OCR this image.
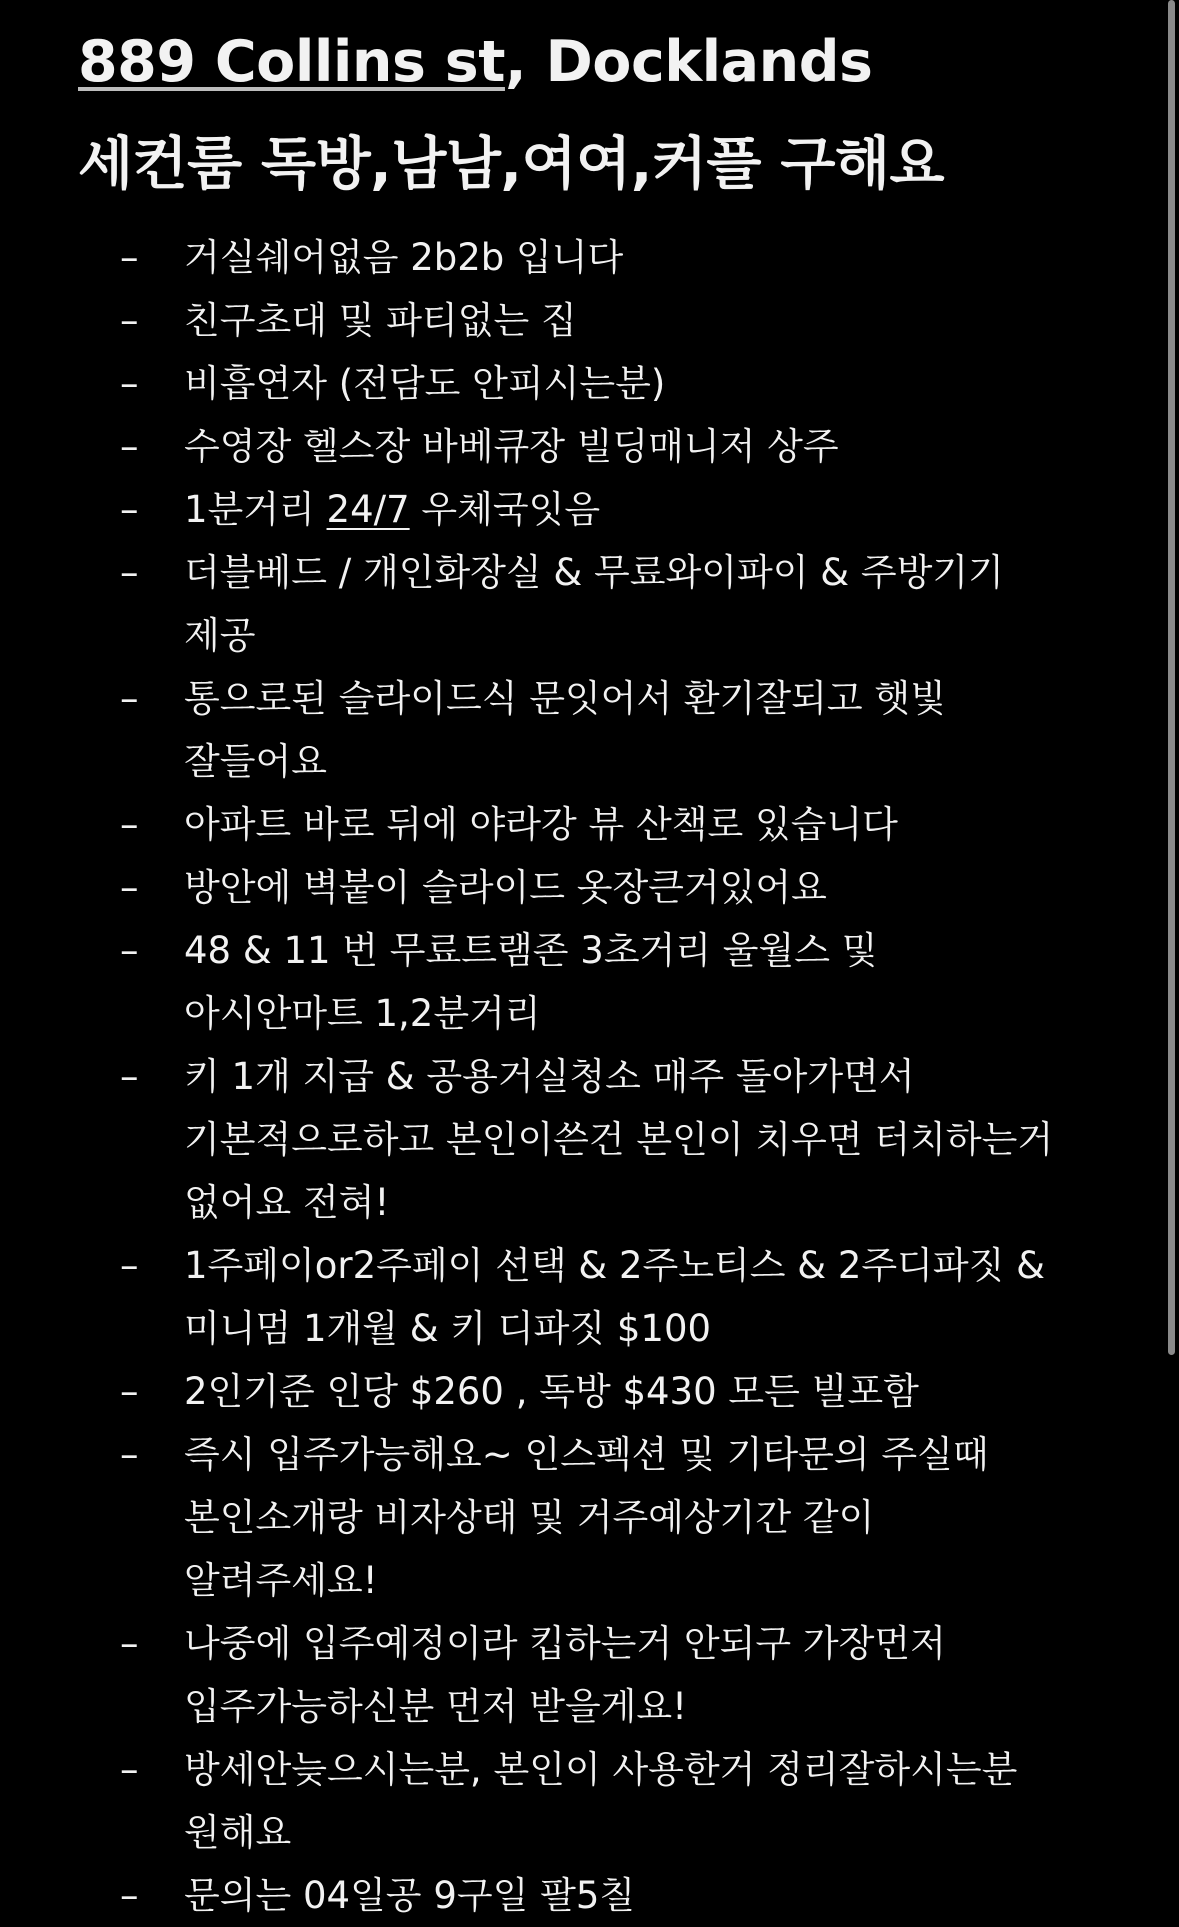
889 Collins st, Docklands
세컨룸 독방,남남,여여,커플 구해요
– 거실쉐어없음 2b2b 입니다
– 친구초대 및 파티없는 집
– 비흡연자 (전담도 안피시는분)
– 수영장 헬스장 바베큐장 빌딩매니저 상주
– 1분거리 24/7 우체국잇음
– 더블베드 / 개인화장실 & 무료와이파이 & 주방기기 제공
– 통으로된 슬라이드식 문잇어서 환기잘되고 햇빛 잘들어요
– 아파트 바로 뒤에 야라강 뷰 산책로 있습니다
– 방안에 벽붙이 슬라이드 옷장큰거있어요
– 48 & 11 번 무료트램존 3초거리 울월스 및 아시안마트 1,2분거리
– 키 1개 지급 & 공용거실청소 매주 돌아가면서 기본적으로하고 본인이쓴건 본인이 치우면 터치하는거 없어요 전혀!
– 1주페이or2주페이 선택 & 2주노티스 & 2주디파짓 & 미니멈 1개월 & 키 디파짓 $100
– 2인기준 인당 $260 , 독방 $430 모든 빌포함
– 즉시 입주가능해요~ 인스펙션 및 기타문의 주실때 본인소개랑 비자상태 및 거주예상기간 같이 알려주세요!
– 나중에 입주예정이라 킵하는거 안되구 가장먼저 입주가능하신분 먼저 받을게요!
– 방세안늦으시는분, 본인이 사용한거 정리잘하시는분 원해요
– 문의는 04일공 9구일 팔5칠
